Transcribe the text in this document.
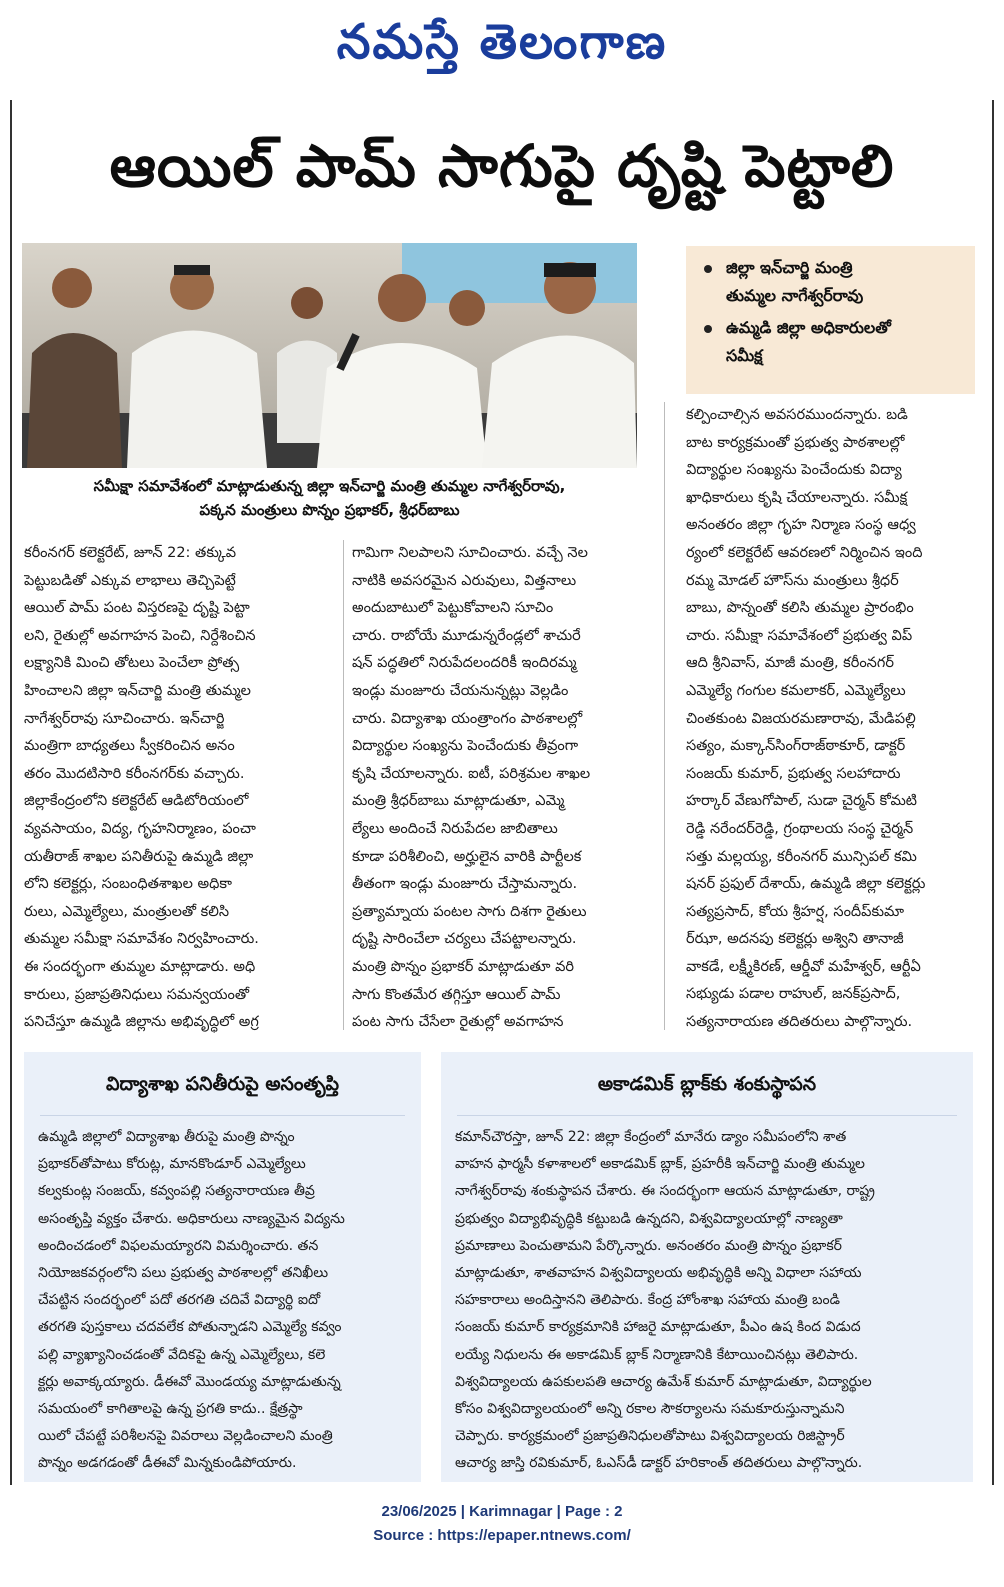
నమస్తే తెలంగాణ
ఆయిల్ పామ్ సాగుపై దృష్టి పెట్టాలి
సమీక్షా సమావేశంలో మాట్లాడుతున్న జిల్లా ఇన్‌చార్జి మంత్రి తుమ్మల నాగేశ్వర్‌రావు,
పక్కన మంత్రులు పొన్నం ప్రభాకర్, శ్రీధర్‌బాబు
జిల్లా ఇన్‌చార్జి మంత్రి
తుమ్మల నాగేశ్వర్‌రావు
ఉమ్మడి జిల్లా అధికారులతో
సమీక్ష
కరీంనగర్ కలెక్టరేట్, జూన్ 22: తక్కువ
పెట్టుబడితో ఎక్కువ లాభాలు తెచ్చిపెట్టే
ఆయిల్ పామ్ పంట విస్తరణపై దృష్టి పెట్టా
లని, రైతుల్లో అవగాహన పెంచి, నిర్దేశించిన
లక్ష్యానికి మించి తోటలు పెంచేలా ప్రోత్స
హించాలని జిల్లా ఇన్‌చార్జి మంత్రి తుమ్మల
నాగేశ్వర్‌రావు సూచించారు. ఇన్‌చార్జి
మంత్రిగా బాధ్యతలు స్వీకరించిన అనం
తరం మొదటిసారి కరీంనగర్‌కు వచ్చారు.
జిల్లాకేంద్రంలోని కలెక్టరేట్ ఆడిటోరియంలో
వ్యవసాయం, విద్య, గృహనిర్మాణం, పంచా
యతీరాజ్ శాఖల పనితీరుపై ఉమ్మడి జిల్లా
లోని కలెక్టర్లు, సంబంధితశాఖల అధికా
రులు, ఎమ్మెల్యేలు, మంత్రులతో కలిసి
తుమ్మల సమీక్షా సమావేశం నిర్వహించారు.
ఈ సందర్భంగా తుమ్మల మాట్లాడారు. అధి
కారులు, ప్రజాప్రతినిధులు సమన్వయంతో
పనిచేస్తూ ఉమ్మడి జిల్లాను అభివృద్ధిలో అగ్ర
గామిగా నిలపాలని సూచించారు. వచ్చే నెల
నాటికి అవసరమైన ఎరువులు, విత్తనాలు
అందుబాటులో పెట్టుకోవాలని సూచిం
చారు. రాబోయే మూడున్నరేండ్లలో శాచురే
షన్ పద్ధతిలో నిరుపేదలందరికీ ఇందిరమ్మ
ఇండ్లు మంజూరు చేయనున్నట్లు వెల్లడిం
చారు. విద్యాశాఖ యంత్రాంగం పాఠశాలల్లో
విద్యార్థుల సంఖ్యను పెంచేందుకు తీవ్రంగా
కృషి చేయాలన్నారు. ఐటీ, పరిశ్రమల శాఖల
మంత్రి శ్రీధర్‌బాబు మాట్లాడుతూ, ఎమ్మె
ల్యేలు అందించే నిరుపేదల జాబితాలు
కూడా పరిశీలించి, అర్హులైన వారికి పార్టీలక
తీతంగా ఇండ్లు మంజూరు చేస్తామన్నారు.
ప్రత్యామ్నాయ పంటల సాగు దిశగా రైతులు
దృష్టి సారించేలా చర్యలు చేపట్టాలన్నారు.
మంత్రి పొన్నం ప్రభాకర్ మాట్లాడుతూ వరి
సాగు కొంతమేర తగ్గిస్తూ ఆయిల్ పామ్
పంట సాగు చేసేలా రైతుల్లో అవగాహన
కల్పించాల్సిన అవసరముందన్నారు. బడి
బాట కార్యక్రమంతో ప్రభుత్వ పాఠశాలల్లో
విద్యార్థుల సంఖ్యను పెంచేందుకు విద్యా
ఖాధికారులు కృషి చేయాలన్నారు. సమీక్ష
అనంతరం జిల్లా గృహ నిర్మాణ సంస్థ ఆధ్వ
ర్యంలో కలెక్టరేట్ ఆవరణలో నిర్మించిన ఇంది
రమ్మ మోడల్ హౌస్‌ను మంత్రులు శ్రీధర్
బాబు, పొన్నంతో కలిసి తుమ్మల ప్రారంభిం
చారు. సమీక్షా సమావేశంలో ప్రభుత్వ విప్
ఆది శ్రీనివాస్, మాజీ మంత్రి, కరీంనగర్
ఎమ్మెల్యే గంగుల కమలాకర్, ఎమ్మెల్యేలు
చింతకుంట విజయరమణారావు, మేడిపల్లి
సత్యం, మక్కాన్‌సింగ్‌రాజ్‌ఠాకూర్, డాక్టర్
సంజయ్ కుమార్, ప్రభుత్వ సలహాదారు
హర్కార్ వేణుగోపాల్, సుడా చైర్మన్ కోమటి
రెడ్డి నరేందర్‌రెడ్డి, గ్రంథాలయ సంస్థ చైర్మన్
సత్తు మల్లయ్య, కరీంనగర్ మున్సిపల్ కమి
షనర్ ప్రఫుల్ దేశాయ్, ఉమ్మడి జిల్లా కలెక్టర్లు
సత్యప్రసాద్, కోయ శ్రీహర్ష, సందీప్‌కుమా
ర్‌ఝా, అదనపు కలెక్టర్లు అశ్విని తానాజీ
వాకడే, లక్ష్మీకిరణ్, ఆర్డీవో మహేశ్వర్, ఆర్టీఏ
సభ్యుడు పడాల రాహుల్, జనక్‌ప్రసాద్,
సత్యనారాయణ తదితరులు పాల్గొన్నారు.
విద్యాశాఖ పనితీరుపై అసంతృప్తి
ఉమ్మడి జిల్లాలో విద్యాశాఖ తీరుపై మంత్రి పొన్నం
ప్రభాకర్‌తోపాటు కోరుట్ల, మానకొండూర్ ఎమ్మెల్యేలు
కల్వకుంట్ల సంజయ్, కవ్వంపల్లి సత్యనారాయణ తీవ్ర
అసంతృప్తి వ్యక్తం చేశారు. అధికారులు నాణ్యమైన విద్యను
అందించడంలో విఫలమయ్యారని విమర్శించారు. తన
నియోజకవర్గంలోని పలు ప్రభుత్వ పాఠశాలల్లో తనిఖీలు
చేపట్టిన సందర్భంలో పదో తరగతి చదివే విద్యార్థి ఐదో
తరగతి పుస్తకాలు చదవలేక పోతున్నాడని ఎమ్మెల్యే కవ్వం
పల్లి వ్యాఖ్యానించడంతో వేదికపై ఉన్న ఎమ్మెల్యేలు, కలె
క్టర్లు అవాక్కయ్యారు. డీఈవో మొండయ్య మాట్లాడుతున్న
సమయంలో కాగితాలపై ఉన్న ప్రగతి కాదు.. క్షేత్రస్థా
యిలో చేపట్టే పరిశీలనపై వివరాలు వెల్లడించాలని మంత్రి
పొన్నం అడగడంతో డీఈవో మిన్నకుండిపోయారు.
అకాడమిక్ బ్లాక్‌కు శంకుస్థాపన
కమాన్‌చౌరస్తా, జూన్ 22: జిల్లా కేంద్రంలో మానేరు డ్యాం సమీపంలోని శాత
వాహన ఫార్మసీ కళాశాలలో అకాడమిక్ బ్లాక్, ప్రహరీకి ఇన్‌చార్జి మంత్రి తుమ్మల
నాగేశ్వర్‌రావు శంకుస్థాపన చేశారు. ఈ సందర్భంగా ఆయన మాట్లాడుతూ, రాష్ట్ర
ప్రభుత్వం విద్యాభివృద్ధికి కట్టుబడి ఉన్నదని, విశ్వవిద్యాలయాల్లో నాణ్యతా
ప్రమాణాలు పెంచుతామని పేర్కొన్నారు. అనంతరం మంత్రి పొన్నం ప్రభాకర్
మాట్లాడుతూ, శాతవాహన విశ్వవిద్యాలయ అభివృద్ధికి అన్ని విధాలా సహాయ
సహకారాలు అందిస్తానని తెలిపారు. కేంద్ర హోంశాఖ సహాయ మంత్రి బండి
సంజయ్ కుమార్ కార్యక్రమానికి హాజరై మాట్లాడుతూ, పీఎం ఉష కింద విడుద
లయ్యే నిధులను ఈ అకాడమిక్ బ్లాక్ నిర్మాణానికి కేటాయించినట్లు తెలిపారు.
విశ్వవిద్యాలయ ఉపకులపతి ఆచార్య ఉమేశ్ కుమార్ మాట్లాడుతూ, విద్యార్థుల
కోసం విశ్వవిద్యాలయంలో అన్ని రకాల సౌకర్యాలను సమకూరుస్తున్నామని
చెప్పారు. కార్యక్రమంలో ప్రజాప్రతినిధులతోపాటు విశ్వవిద్యాలయ రిజిస్ట్రార్
ఆచార్య జాస్తి రవికుమార్, ఓఎస్‌డీ డాక్టర్ హరికాంత్ తదితరులు పాల్గొన్నారు.
23/06/2025 | Karimnagar | Page : 2
Source : https://epaper.ntnews.com/
